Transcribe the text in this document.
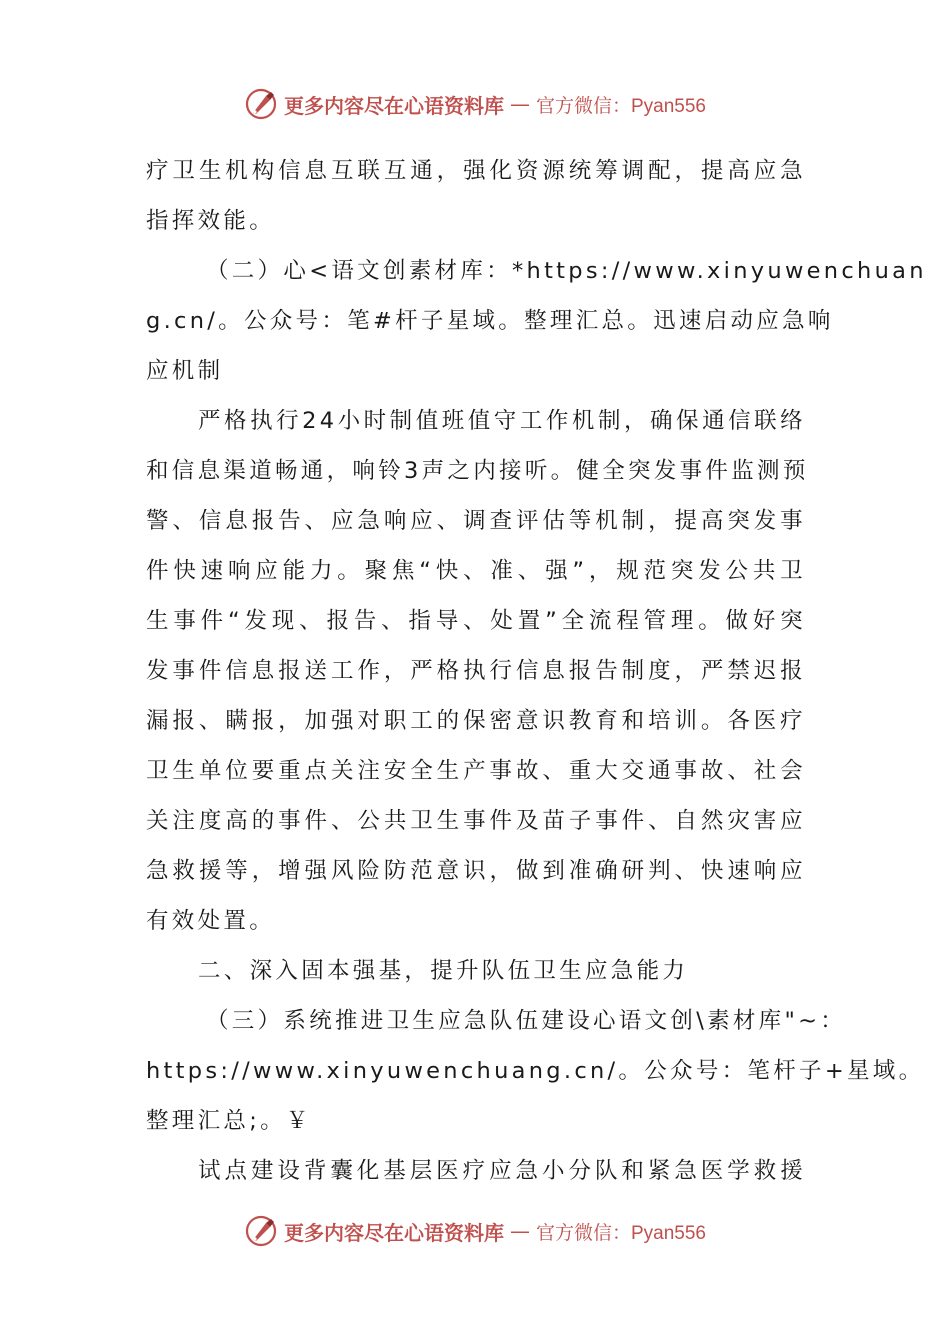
更多内容尽在心语资料库 — 官方微信：Pyan556
疗卫生机构信息互联互通，强化资源统筹调配，提高应急
指挥效能。
（二）心<语文创素材库：*https://www.xinyuwenchuan
g.cn/。公众号：笔#杆子星域。整理汇总。迅速启动应急响
应机制
严格执行24小时制值班值守工作机制，确保通信联络
和信息渠道畅通，响铃3声之内接听。健全突发事件监测预
警、信息报告、应急响应、调查评估等机制，提高突发事
件快速响应能力。聚焦“快、准、强”，规范突发公共卫
生事件“发现、报告、指导、处置”全流程管理。做好突
发事件信息报送工作，严格执行信息报告制度，严禁迟报
漏报、瞒报，加强对职工的保密意识教育和培训。各医疗
卫生单位要重点关注安全生产事故、重大交通事故、社会
关注度高的事件、公共卫生事件及苗子事件、自然灾害应
急救援等，增强风险防范意识，做到准确研判、快速响应
有效处置。
二、深入固本强基，提升队伍卫生应急能力
（三）系统推进卫生应急队伍建设心语文创\素材库"~：
https://www.xinyuwenchuang.cn/。公众号：笔杆子+星域。
整理汇总;。￥
试点建设背囊化基层医疗应急小分队和紧急医学救援
更多内容尽在心语资料库 — 官方微信：Pyan556
